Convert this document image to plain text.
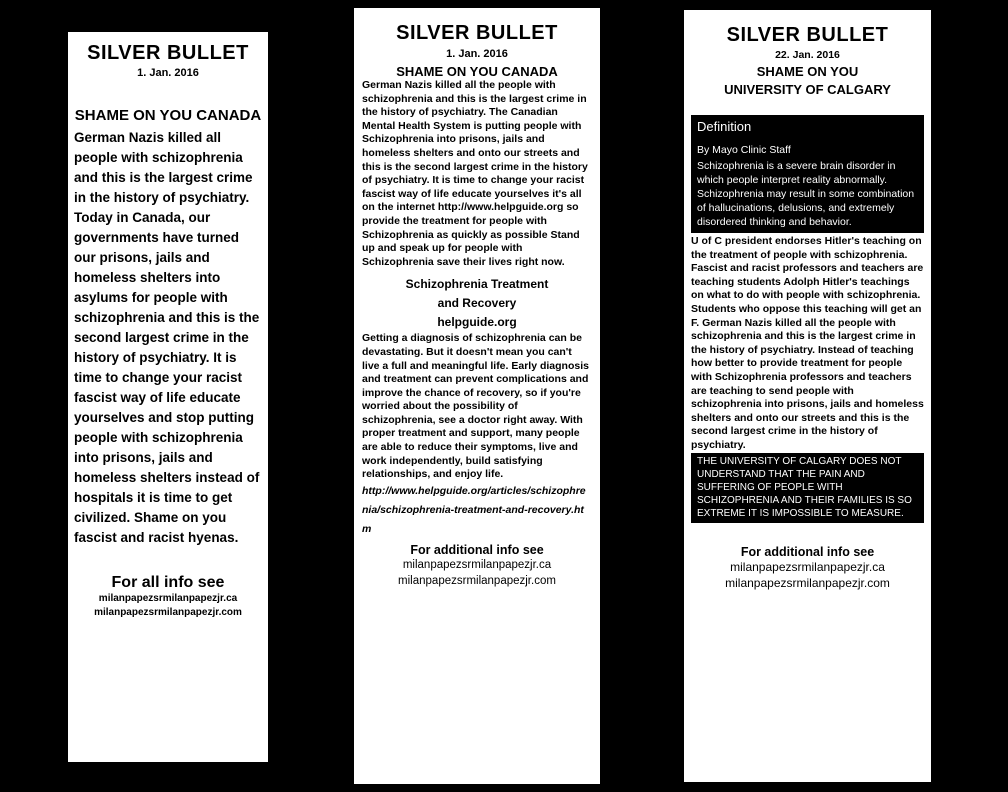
SILVER BULLET
1. Jan. 2016
SHAME ON YOU CANADA
German Nazis killed all people with schizophrenia and this is the largest crime in the history of psychiatry. Today in Canada, our governments have turned our prisons, jails and homeless shelters into asylums for people with schizophrenia and this is the second largest crime in the history of psychiatry. It is time to change your racist fascist way of life educate yourselves and stop putting people with schizophrenia into prisons, jails and homeless shelters instead of hospitals it is time to get civilized. Shame on you fascist and racist hyenas.
For all info see
milanpapezsrmilanpapezjr.ca
milanpapezsrmilanpapezjr.com
SILVER BULLET
1. Jan. 2016
SHAME ON YOU CANADA
German Nazis killed all the people with schizophrenia and this is the largest crime in the history of psychiatry. The Canadian Mental Health System is putting people with Schizophrenia into prisons, jails and homeless shelters and onto our streets and this is the second largest crime in the history of psychiatry. It is time to change your racist fascist way of life educate yourselves it's all on the internet http://www.helpguide.org so provide the treatment for people with Schizophrenia as quickly as possible Stand up and speak up for people with Schizophrenia save their lives right now.
Schizophrenia Treatment
and Recovery
helpguide.org
Getting a diagnosis of schizophrenia can be devastating. But it doesn't mean you can't live a full and meaningful life. Early diagnosis and treatment can prevent complications and improve the chance of recovery, so if you're worried about the possibility of schizophrenia, see a doctor right away. With proper treatment and support, many people are able to reduce their symptoms, live and work independently, build satisfying relationships, and enjoy life.
http://www.helpguide.org/articles/schizophrenia/schizophrenia-treatment-and-recovery.htm
For additional info see
milanpapezsrmilanpapezjr.ca
milanpapezsrmilanpapezjr.com
SILVER BULLET
22. Jan. 2016
SHAME ON YOU
UNIVERSITY OF CALGARY
Definition
By Mayo Clinic Staff
Schizophrenia is a severe brain disorder in which people interpret reality abnormally. Schizophrenia may result in some combination of hallucinations, delusions, and extremely disordered thinking and behavior.
U of C president endorses Hitler's teaching on the treatment of people with schizophrenia. Fascist and racist professors and teachers are teaching students Adolph Hitler's teachings on what to do with people with schizophrenia. Students who oppose this teaching will get an F. German Nazis killed all the people with schizophrenia and this is the largest crime in the history of psychiatry. Instead of teaching how better to provide treatment for people with Schizophrenia professors and teachers are teaching to send people with schizophrenia into prisons, jails and homeless shelters and onto our streets and this is the second largest crime in the history of psychiatry.
THE UNIVERSITY OF CALGARY DOES NOT UNDERSTAND THAT THE PAIN AND SUFFERING OF PEOPLE WITH SCHIZOPHRENIA AND THEIR FAMILIES IS SO EXTREME IT IS IMPOSSIBLE TO MEASURE.
For additional info see
milanpapezsrmilanpapezjr.ca
milanpapezsrmilanpapezjr.com
